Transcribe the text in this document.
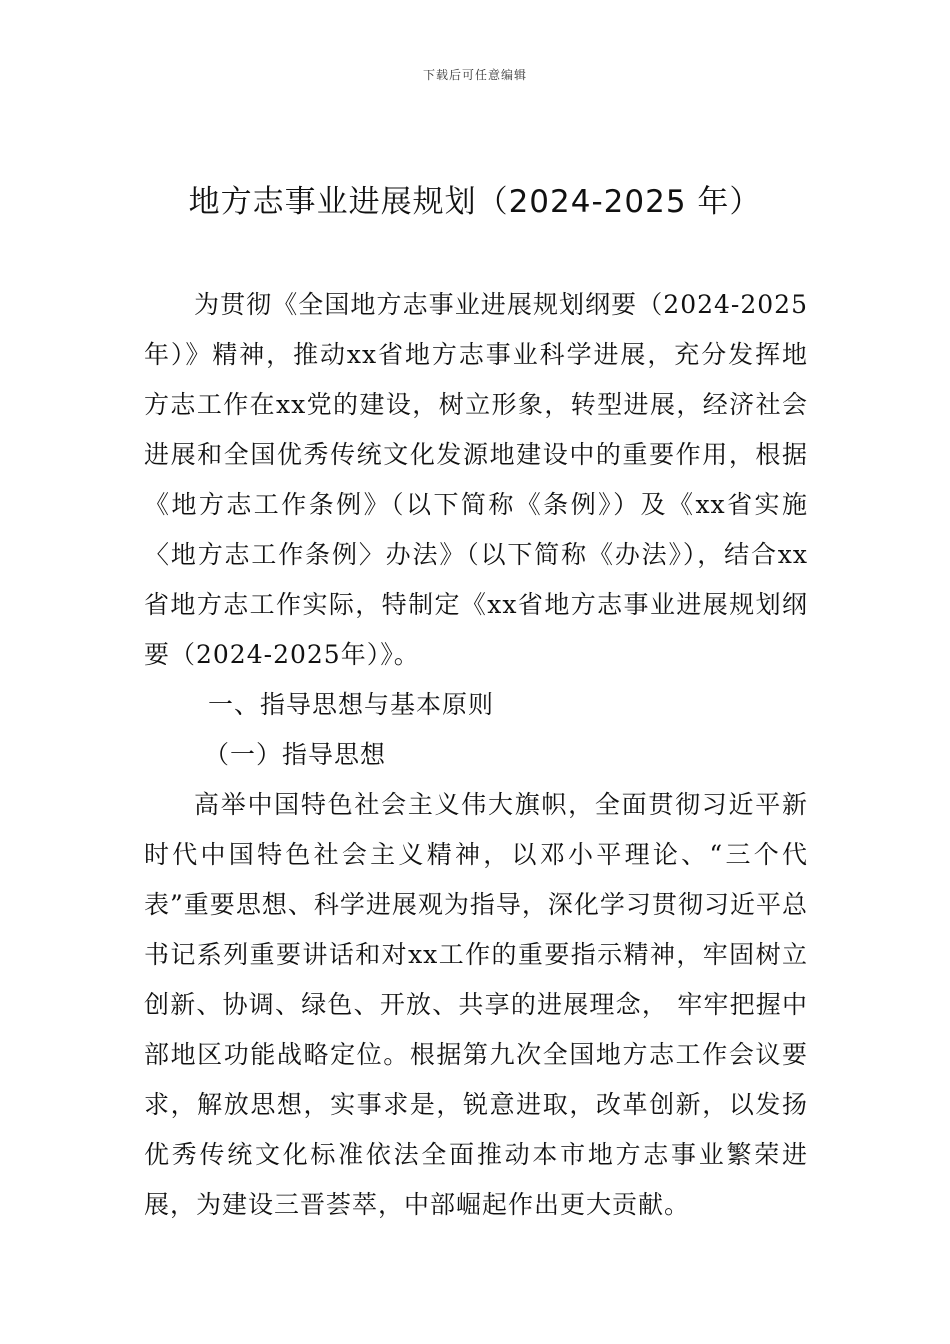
下载后可任意编辑
地方志事业进展规划（2024-2025 年）

为贯彻《全国地方志事业进展规划纲要（2024-2025年）》精神，推动xx省地方志事业科学进展，充分发挥地方志工作在xx党的建设，树立形象，转型进展，经济社会进展和全国优秀传统文化发源地建设中的重要作用，根据《地方志工作条例》（以下简称《条例》）及《xx省实施〈地方志工作条例〉办法》（以下简称《办法》），结合xx省地方志工作实际，特制定《xx省地方志事业进展规划纲要（2024-2025年）》。

一、指导思想与基本原则

（一）指导思想

高举中国特色社会主义伟大旗帜，全面贯彻习近平新时代中国特色社会主义精神，以邓小平理论、“三个代表”重要思想、科学进展观为指导，深化学习贯彻习近平总书记系列重要讲话和对xx工作的重要指示精神，牢固树立创新、协调、绿色、开放、共享的进展理念， 牢牢把握中部地区功能战略定位。根据第九次全国地方志工作会议要求，解放思想，实事求是，锐意进取，改革创新，以发扬优秀传统文化标准依法全面推动本市地方志事业繁荣进展，为建设三晋荟萃，中部崛起作出更大贡献。
